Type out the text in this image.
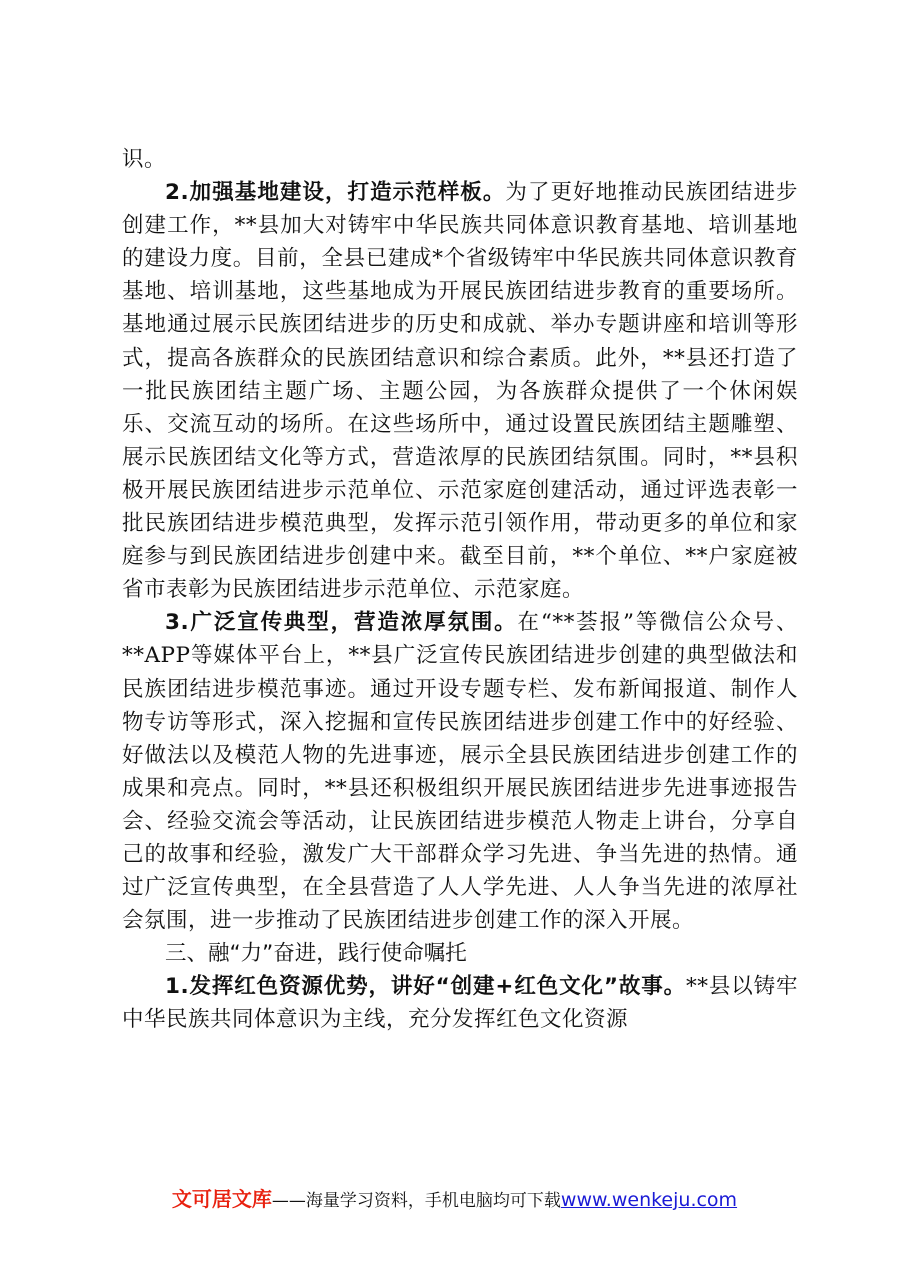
识。

2.加强基地建设，打造示范样板。为了更好地推动民族团结进步创建工作，**县加大对铸牢中华民族共同体意识教育基地、培训基地的建设力度。目前，全县已建成*个省级铸牢中华民族共同体意识教育基地、培训基地，这些基地成为开展民族团结进步教育的重要场所。基地通过展示民族团结进步的历史和成就、举办专题讲座和培训等形式，提高各族群众的民族团结意识和综合素质。此外，**县还打造了一批民族团结主题广场、主题公园，为各族群众提供了一个休闲娱乐、交流互动的场所。在这些场所中，通过设置民族团结主题雕塑、展示民族团结文化等方式，营造浓厚的民族团结氛围。同时，**县积极开展民族团结进步示范单位、示范家庭创建活动，通过评选表彰一批民族团结进步模范典型，发挥示范引领作用，带动更多的单位和家庭参与到民族团结进步创建中来。截至目前，**个单位、**户家庭被省市表彰为民族团结进步示范单位、示范家庭。

3.广泛宣传典型，营造浓厚氛围。在“**荟报”等微信公众号、**APP等媒体平台上，**县广泛宣传民族团结进步创建的典型做法和民族团结进步模范事迹。通过开设专题专栏、发布新闻报道、制作人物专访等形式，深入挖掘和宣传民族团结进步创建工作中的好经验、好做法以及模范人物的先进事迹，展示全县民族团结进步创建工作的成果和亮点。同时，**县还积极组织开展民族团结进步先进事迹报告会、经验交流会等活动，让民族团结进步模范人物走上讲台，分享自己的故事和经验，激发广大干部群众学习先进、争当先进的热情。通过广泛宣传典型，在全县营造了人人学先进、人人争当先进的浓厚社会氛围，进一步推动了民族团结进步创建工作的深入开展。

三、融“力”奋进，践行使命嘱托

1.发挥红色资源优势，讲好“创建+红色文化”故事。**县以铸牢中华民族共同体意识为主线，充分发挥红色文化资源

文可居文库——海量学习资料，手机电脑均可下载www.wenkeju.com
